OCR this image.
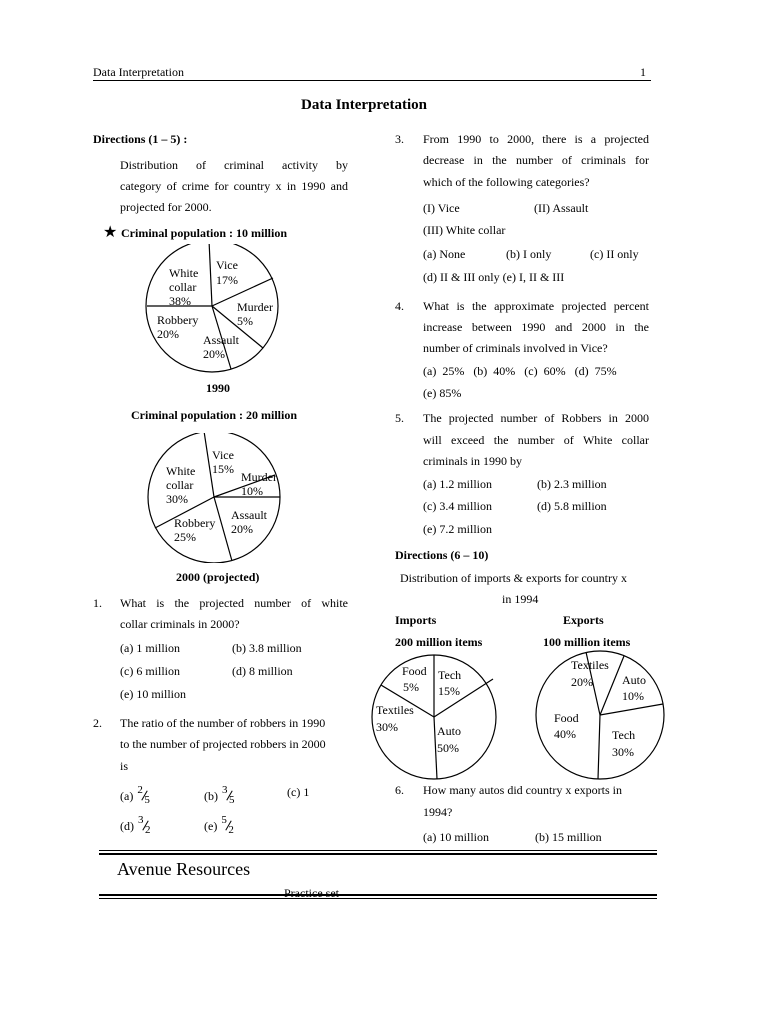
Data Interpretation	1
Data Interpretation
Directions (1 – 5) :
Distribution of criminal activity by
category of crime for country x in 1990 and
projected for 2000.
★ Criminal population : 10 million
White
collar
38%
Vice
17%
Murder
5%
Robbery
20% Assault
20%
1990
Criminal population : 20 million
White
collar
30%
Vice
15%
Murder
10%
Assault
20%
Robbery
25%
2000 (projected)
1. What is the projected number of white
collar criminals in 2000?
(a) 1 million	(b) 3.8 million
(c) 6 million	(d) 8 million
(e) 10 million
2. The ratio of the number of robbers in 1990
to the number of projected robbers in 2000
is
(a) 2
5	(b) 3
5
(c) 1
(d) 3
2	(e) 5
2
3. From 1990 to 2000, there is a projected
decrease in the number of criminals for
which of the following categories?
(I) Vice	(II) Assault
(III) White collar
(a) None	(b) I only	(c) II only
(d) II & III only (e) I, II & III
4. What is the approximate projected percent
increase between 1990 and 2000 in the
number of criminals involved in Vice?
(a)  25%   (b)  40%   (c)  60%   (d)  75%
(e) 85%
5. The projected number of Robbers in 2000
will exceed the number of White collar
criminals in 1990 by
(a) 1.2 million	(b) 2.3 million
(c) 3.4 million	(d) 5.8 million
(e) 7.2 million
Directions (6 – 10)
Distribution of imports & exports for country x
in 1994
Imports	Exports
200 million items	100 million items
Food
5%
Tech
15%
Textiles
30%	Auto
50%
Textiles
20% Auto
10%
Food
40%	Tech
30%
6. How many autos did country x exports in
1994?
(a) 10 million	(b) 15 million
Avenue Resources
Practice set
